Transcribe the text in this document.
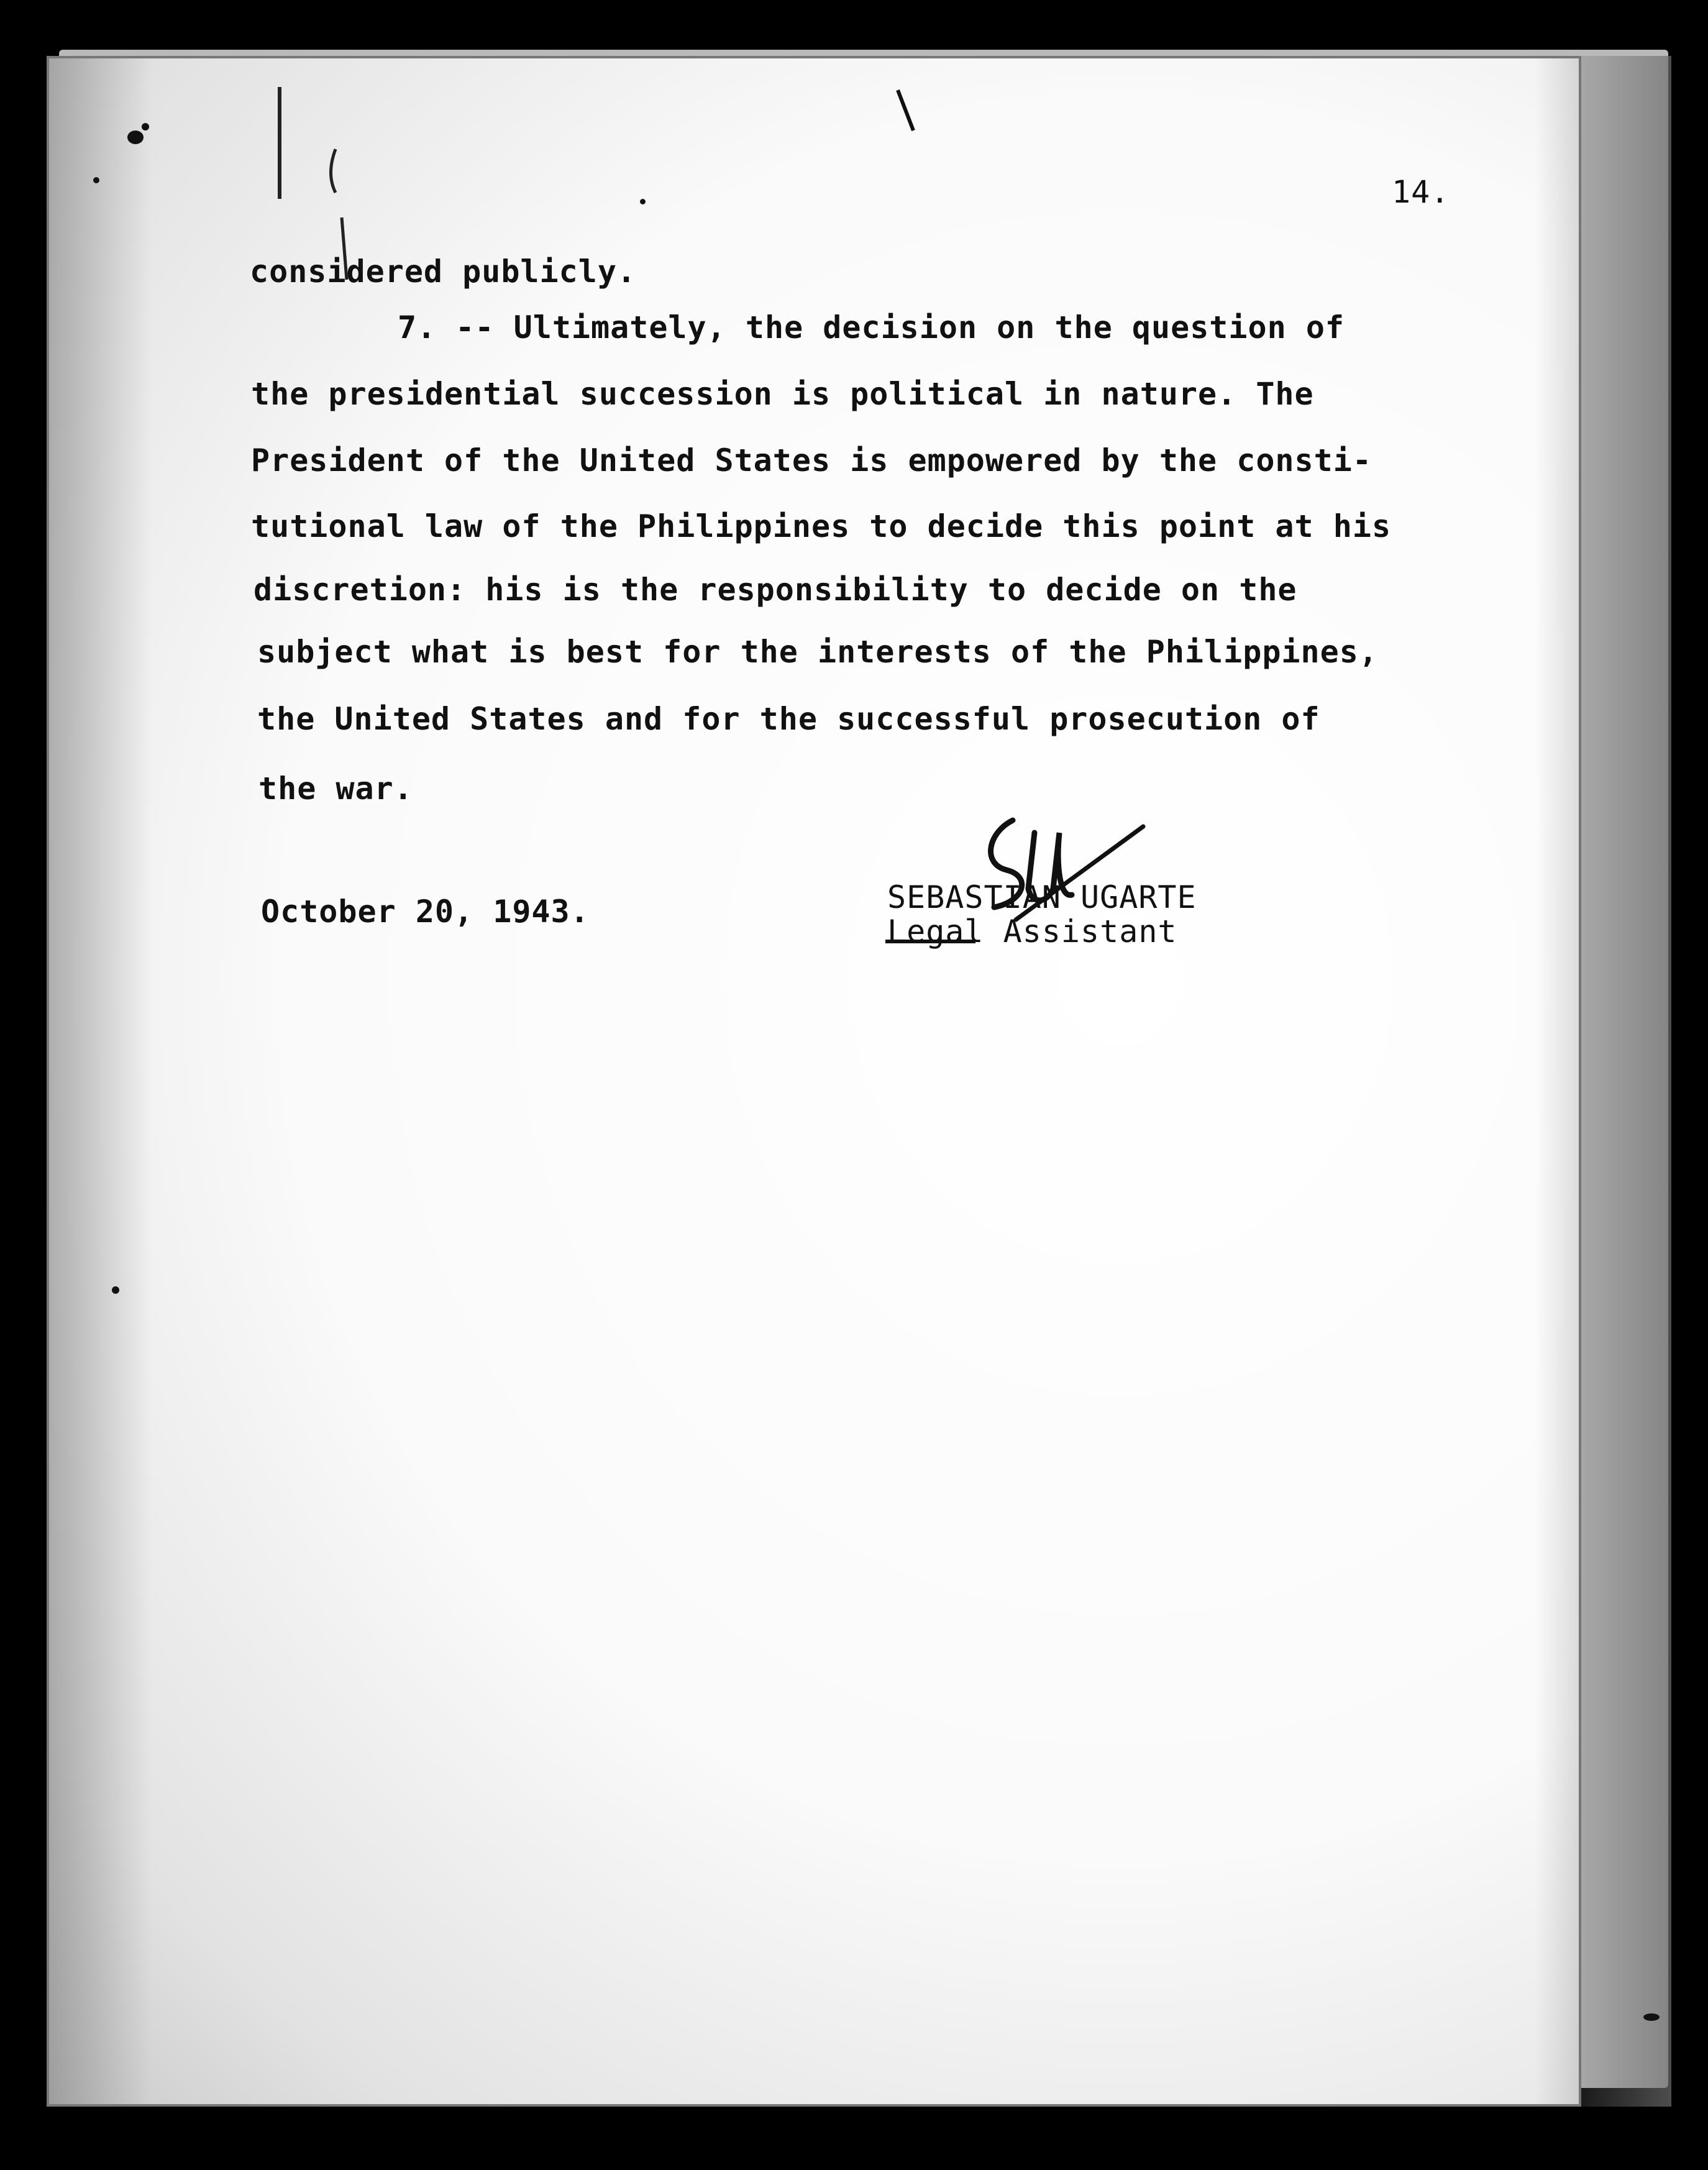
14.
considered publicly.
7. -- Ultimately, the decision on the question of
the presidential succession is political in nature. The
President of the United States is empowered by the consti-
tutional law of the Philippines to decide this point at his
discretion: his is the responsibility to decide on the
subject what is best for the interests of the Philippines,
the United States and for the successful prosecution of
the war.
October 20, 1943.	SEBASTIAN UGARTE
Legal Assistant
